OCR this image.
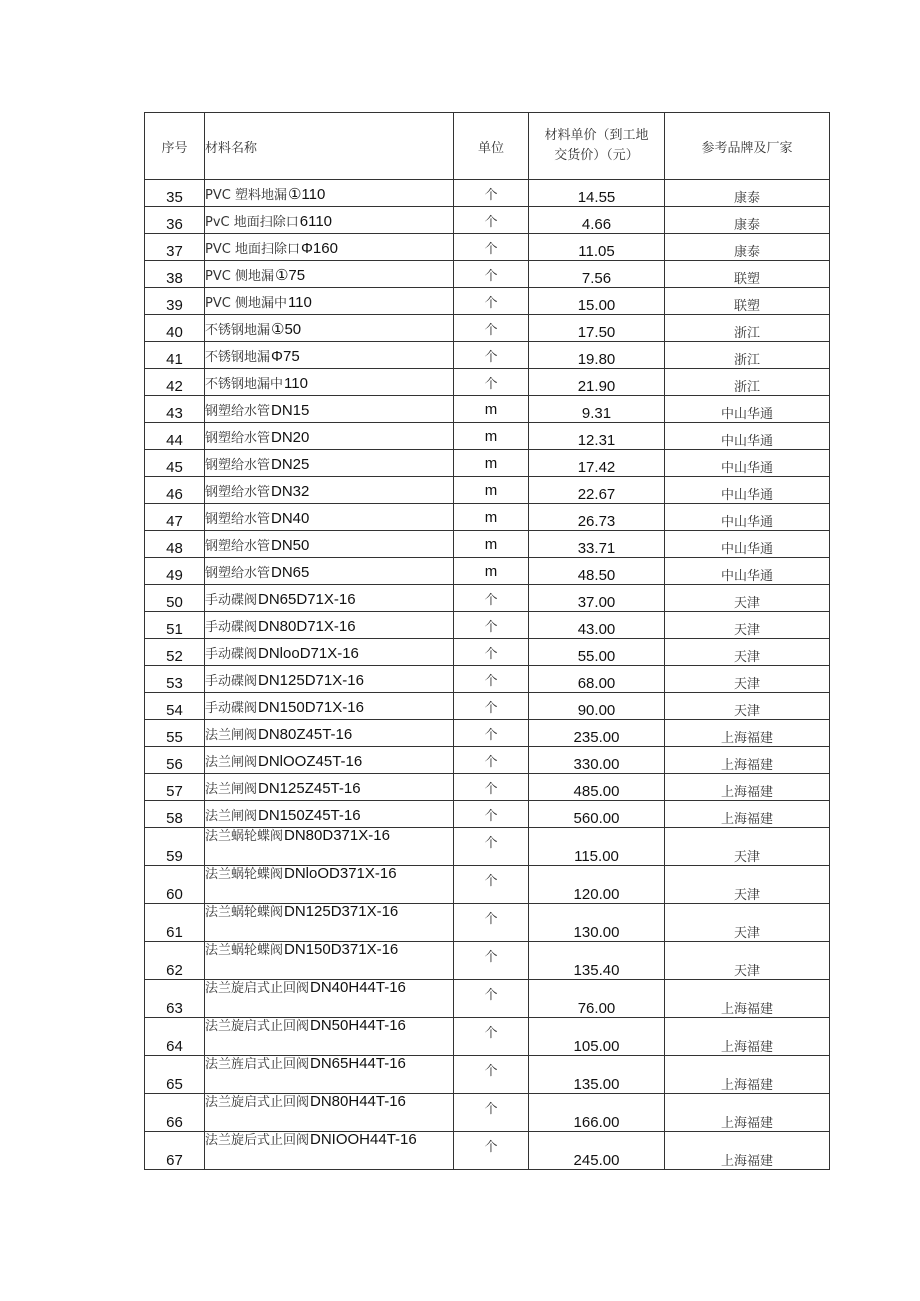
序号	材料名称	单位	材料单价（到工地
交货价）（元）	参考品牌及厂家
35	PVC 塑料地漏①110	个	14.55	康泰
36	PvC 地面扫除口6110	个	4.66	康泰
37	PVC 地面扫除口Φ160	个	11.05	康泰
38	PVC 侧地漏①75	个	7.56	联塑
39	PVC 侧地漏中110	个	15.00	联塑
40	不锈钢地漏①50	个	17.50	浙江
41	不锈钢地漏Φ75	个	19.80	浙江
42	不锈钢地漏中110	个	21.90	浙江
43	钢塑给水管DN15	m	9.31	中山华通
44	钢塑给水管DN20	m	12.31	中山华通
45	钢塑给水管DN25	m	17.42	中山华通
46	钢塑给水管DN32	m	22.67	中山华通
47	钢塑给水管DN40	m	26.73	中山华通
48	钢塑给水管DN50	m	33.71	中山华通
49	钢塑给水管DN65	m	48.50	中山华通
50	手动碟阀DN65D71X-16	个	37.00	天津
51	手动碟阀DN80D71X-16	个	43.00	天津
52	手动碟阀DNlooD71X-16	个	55.00	天津
53	手动碟阀DN125D71X-16	个	68.00	天津
54	手动碟阀DN150D71X-16	个	90.00	天津
55	法兰闸阀DN80Z45T-16	个	235.00	上海福建
56	法兰闸阀DNlOOZ45T-16	个	330.00	上海福建
57	法兰闸阀DN125Z45T-16	个	485.00	上海福建
58	法兰闸阀DN150Z45T-16	个	560.00	上海福建
59	法兰蜗轮蝶阀DN80D371X-16	个	115.00	天津
60	法兰蜗轮蝶阀DNloOD371X-16	个	120.00	天津
61	法兰蜗轮蝶阀DN125D371X-16	个	130.00	天津
62	法兰蜗轮蝶阀DN150D371X-16	个	135.40	天津
63	法兰旋启式止回阀DN40H44T-16	个	76.00	上海福建
64	法兰旋启式止回阀DN50H44T-16	个	105.00	上海福建
65	法兰旌启式止回阀DN65H44T-16	个	135.00	上海福建
66	法兰旋启式止回阀DN80H44T-16	个	166.00	上海福建
67	法兰旋后式止回阀DNIOOH44T-16	个	245.00	上海福建
